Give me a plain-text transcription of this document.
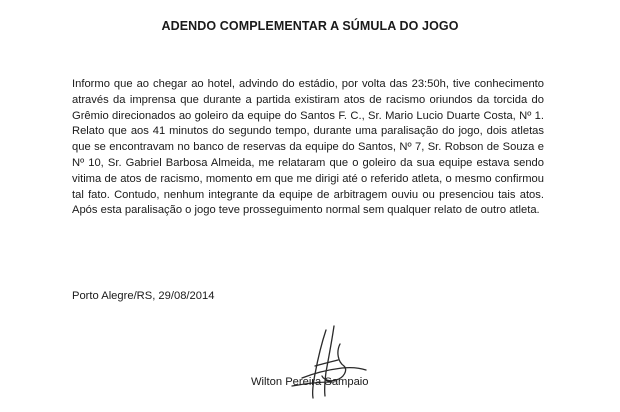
ADENDO COMPLEMENTAR A SÚMULA DO JOGO

Informo que ao chegar ao hotel, advindo do estádio, por volta das 23:50h, tive conhecimento através da imprensa que durante a partida existiram atos de racismo oriundos da torcida do Grêmio direcionados ao goleiro da equipe do Santos F. C., Sr. Mario Lucio Duarte Costa, Nº 1. Relato que aos 41 minutos do segundo tempo, durante uma paralisação do jogo, dois atletas que se encontravam no banco de reservas da equipe do Santos, Nº 7, Sr. Robson de Souza e Nº 10, Sr. Gabriel Barbosa Almeida, me relataram que o goleiro da sua equipe estava sendo vitima de atos de racismo, momento em que me dirigi até o referido atleta, o mesmo confirmou tal fato. Contudo, nenhum integrante da equipe de arbitragem ouviu ou presenciou tais atos. Após esta paralisação o jogo teve prosseguimento normal sem qualquer relato de outro atleta.

Porto Alegre/RS, 29/08/2014
Wilton Pereira Sampaio
